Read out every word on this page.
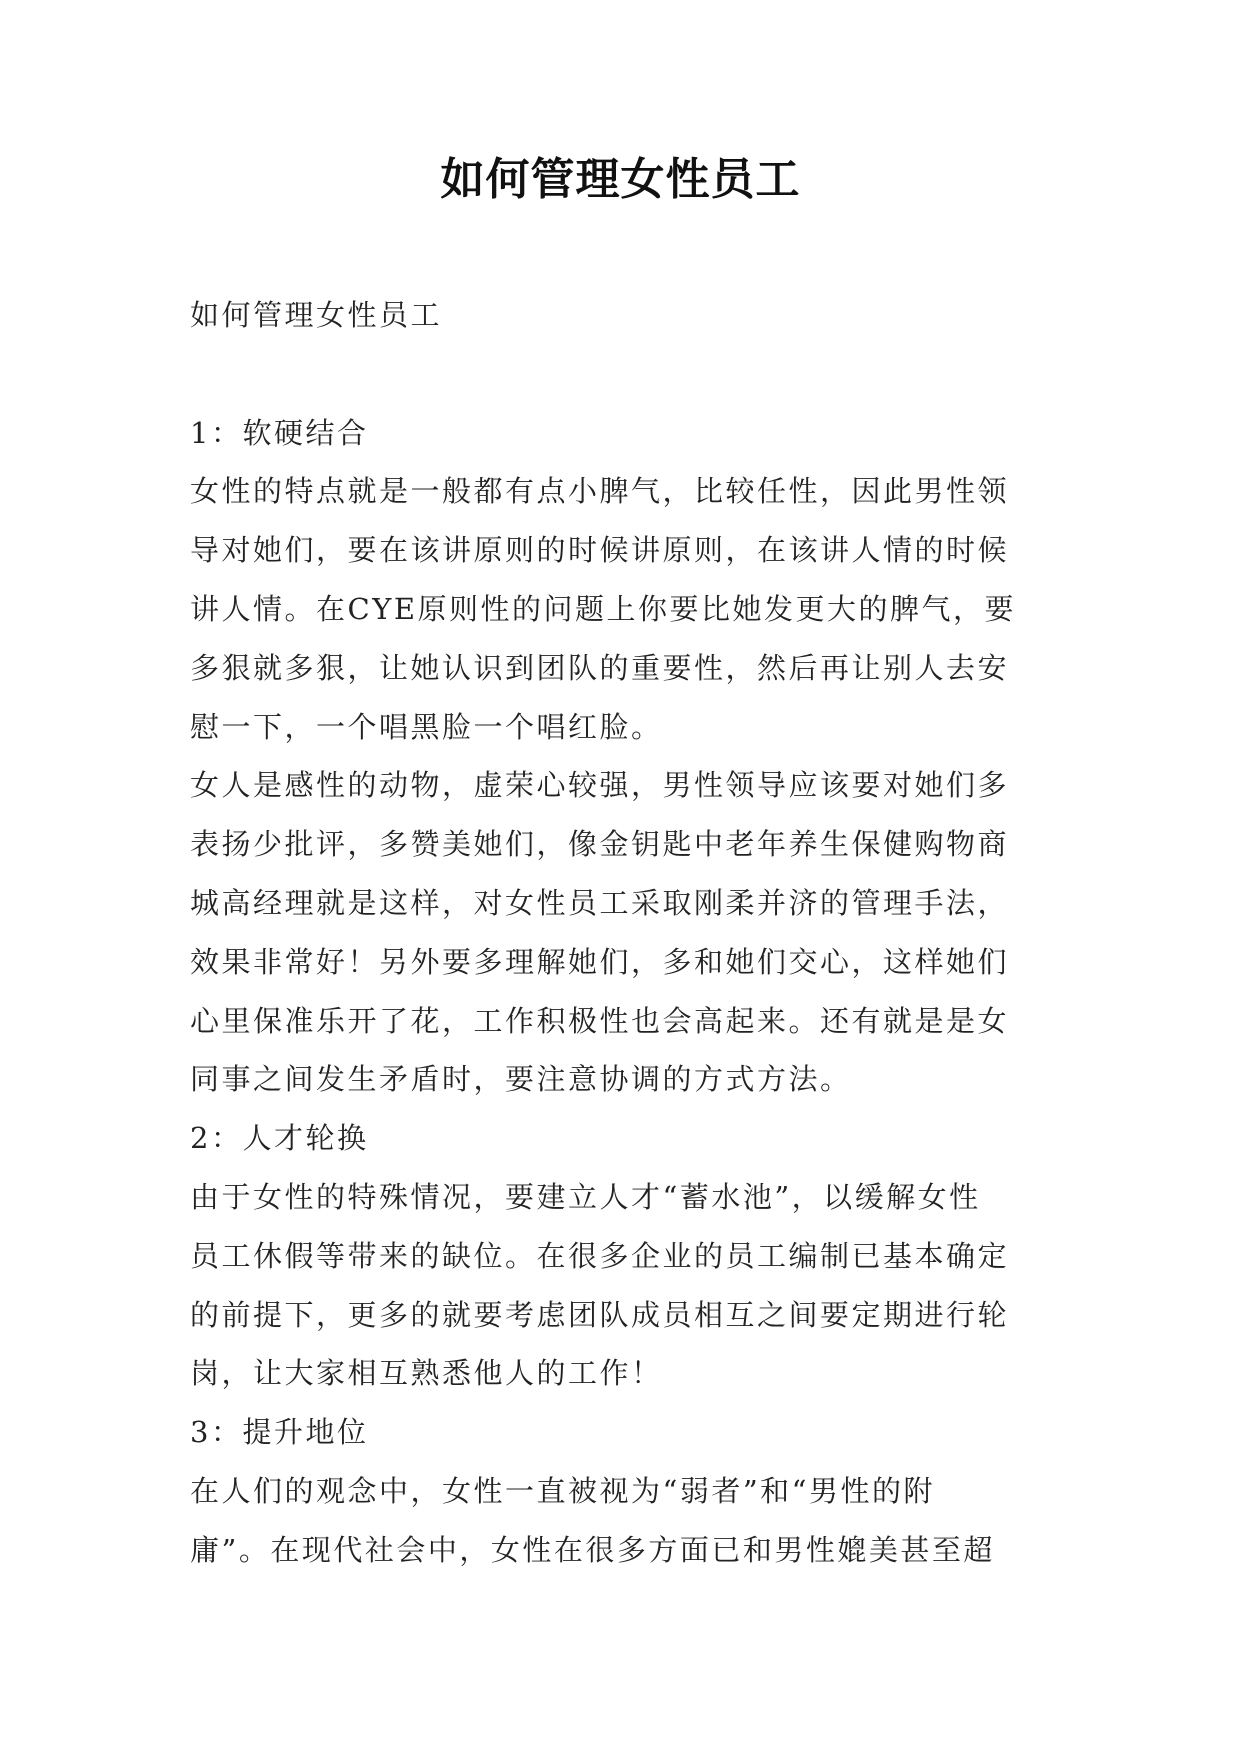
如何管理女性员工
如何管理女性员工
1：软硬结合
女性的特点就是一般都有点小脾气，比较任性，因此男性领
导对她们，要在该讲原则的时候讲原则，在该讲人情的时候
讲人情。在CYE原则性的问题上你要比她发更大的脾气，要
多狠就多狠，让她认识到团队的重要性，然后再让别人去安
慰一下，一个唱黑脸一个唱红脸。
女人是感性的动物，虚荣心较强，男性领导应该要对她们多
表扬少批评，多赞美她们，像金钥匙中老年养生保健购物商
城高经理就是这样，对女性员工采取刚柔并济的管理手法，
效果非常好！另外要多理解她们，多和她们交心，这样她们
心里保准乐开了花，工作积极性也会高起来。还有就是是女
同事之间发生矛盾时，要注意协调的方式方法。
2：人才轮换
由于女性的特殊情况，要建立人才“蓄水池”，以缓解女性
员工休假等带来的缺位。在很多企业的员工编制已基本确定
的前提下，更多的就要考虑团队成员相互之间要定期进行轮
岗，让大家相互熟悉他人的工作！
3：提升地位
在人们的观念中，女性一直被视为“弱者”和“男性的附
庸”。在现代社会中，女性在很多方面已和男性媲美甚至超
